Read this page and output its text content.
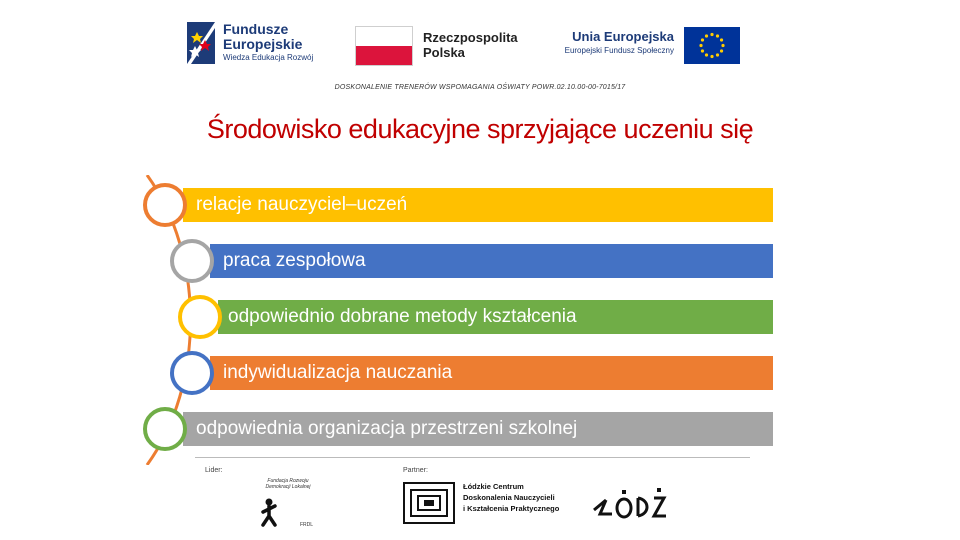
Fundusze
Europejskie
Wiedza Edukacja Rozwój
Rzeczpospolita
Polska
Unia Europejska
Europejski Fundusz Społeczny
DOSKONALENIE TRENERÓW WSPOMAGANIA OŚWIATY POWR.02.10.00-00-7015/17
Środowisko edukacyjne sprzyjające uczeniu się
relacje nauczyciel–uczeń
praca zespołowa
odpowiednio dobrane metody kształcenia
indywidualizacja nauczania
odpowiednia organizacja przestrzeni szkolnej
Lider:	Partner:
Fundacja Rozwoju Demokracji Lokalnej
FRDL
Łódzkie Centrum
Doskonalenia Nauczycieli
i Kształcenia Praktycznego
